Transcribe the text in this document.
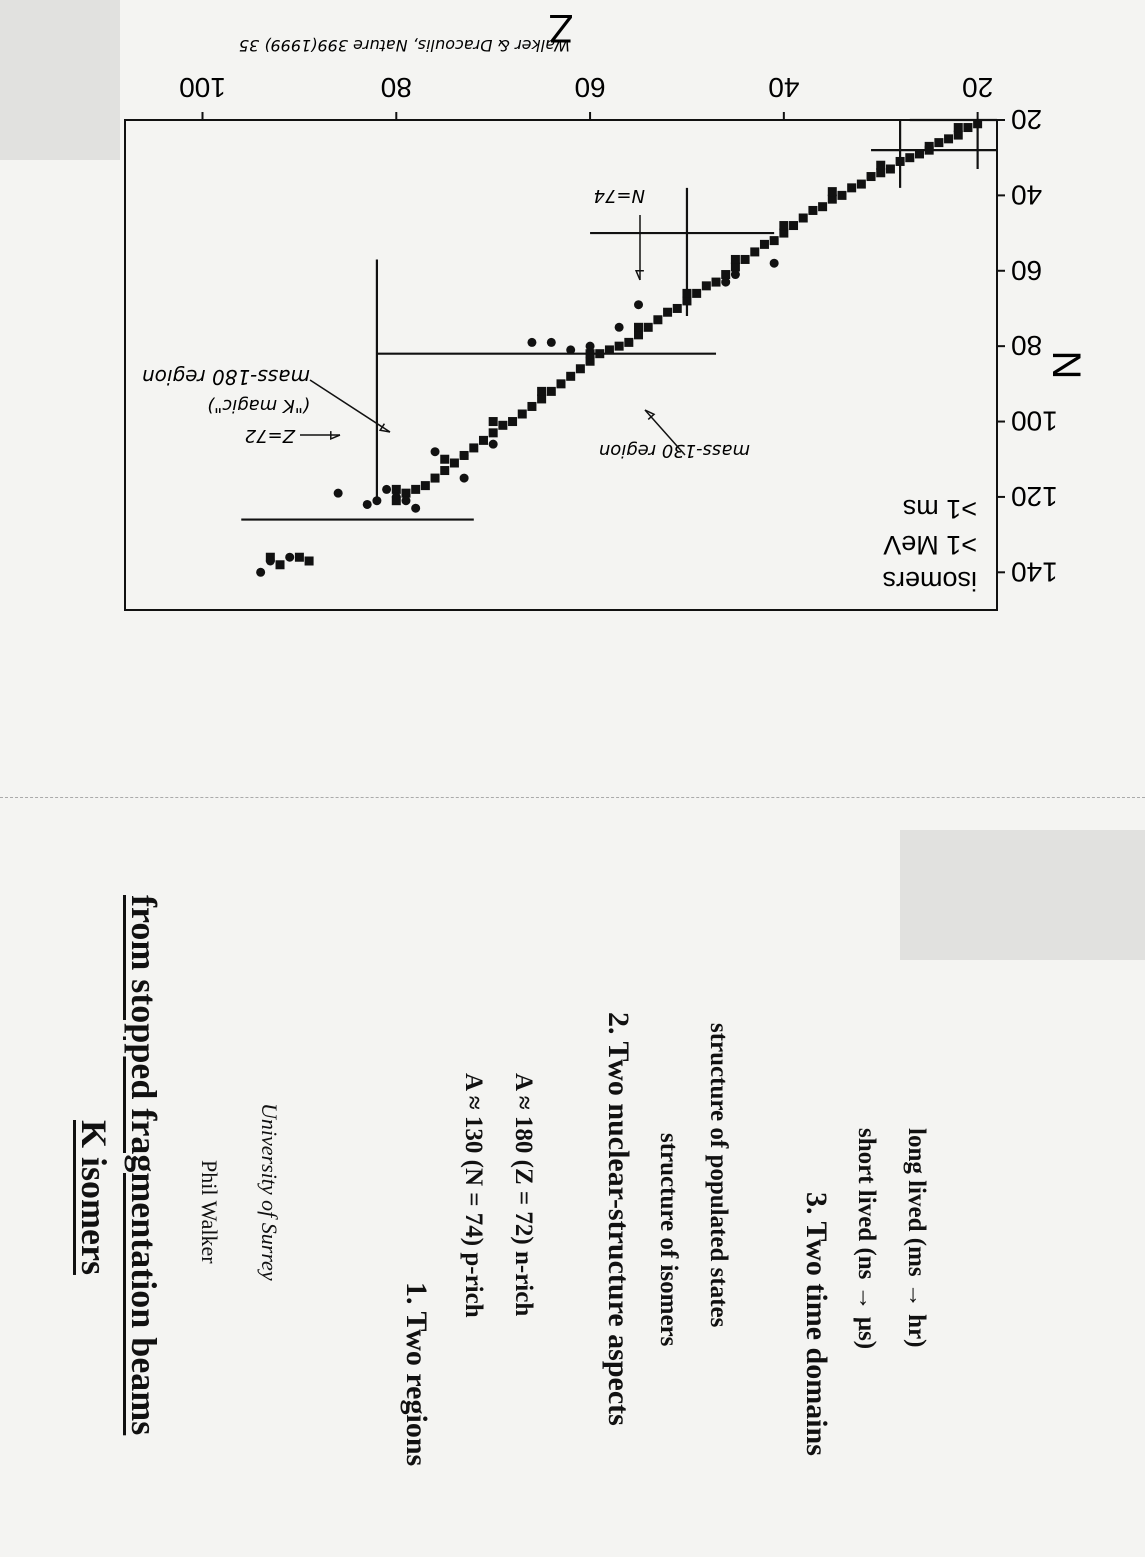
20
40
60
80
100
20
40
60
80
100
120
140
Z
N
isomers
>1 MeV
>1 ms
N=74
mass-180 region
Z=72
("K magic")
mass-130 region
Walker & Dracoulis, Nature 399(1999) 35
K isomers from stopped fragmentation beams Phil Walker University of Surrey
1. Two regions
A ≈ 130 (N = 74) p-rich A ≈ 180 (Z = 72) n-rich 2. Two nuclear-structure aspects structure of isomers structure of populated states 3. Two time domains short lived (ns → μs) long lived (ms → hr)
